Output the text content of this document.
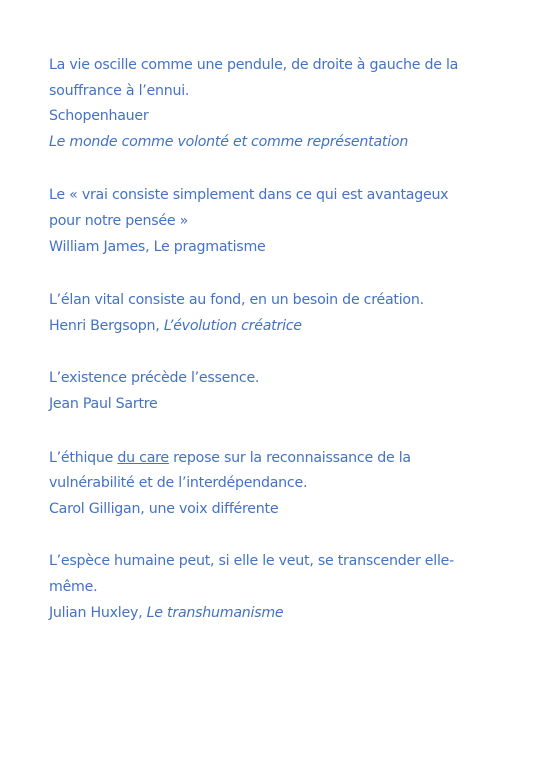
La vie oscille comme une pendule, de droite à gauche de la
souffrance à l’ennui.
Schopenhauer
Le monde comme volonté et comme représentation
Le « vrai consiste simplement dans ce qui est avantageux
pour notre pensée »
William James, Le pragmatisme
L’élan vital consiste au fond, en un besoin de création.
Henri Bergsopn, L’évolution créatrice
L’existence précède l’essence.
Jean Paul Sartre
L’éthique du care repose sur la reconnaissance de la
vulnérabilité et de l’interdépendance.
Carol Gilligan, une voix différente
L’espèce humaine peut, si elle le veut, se transcender elle-
même.
Julian Huxley, Le transhumanisme
